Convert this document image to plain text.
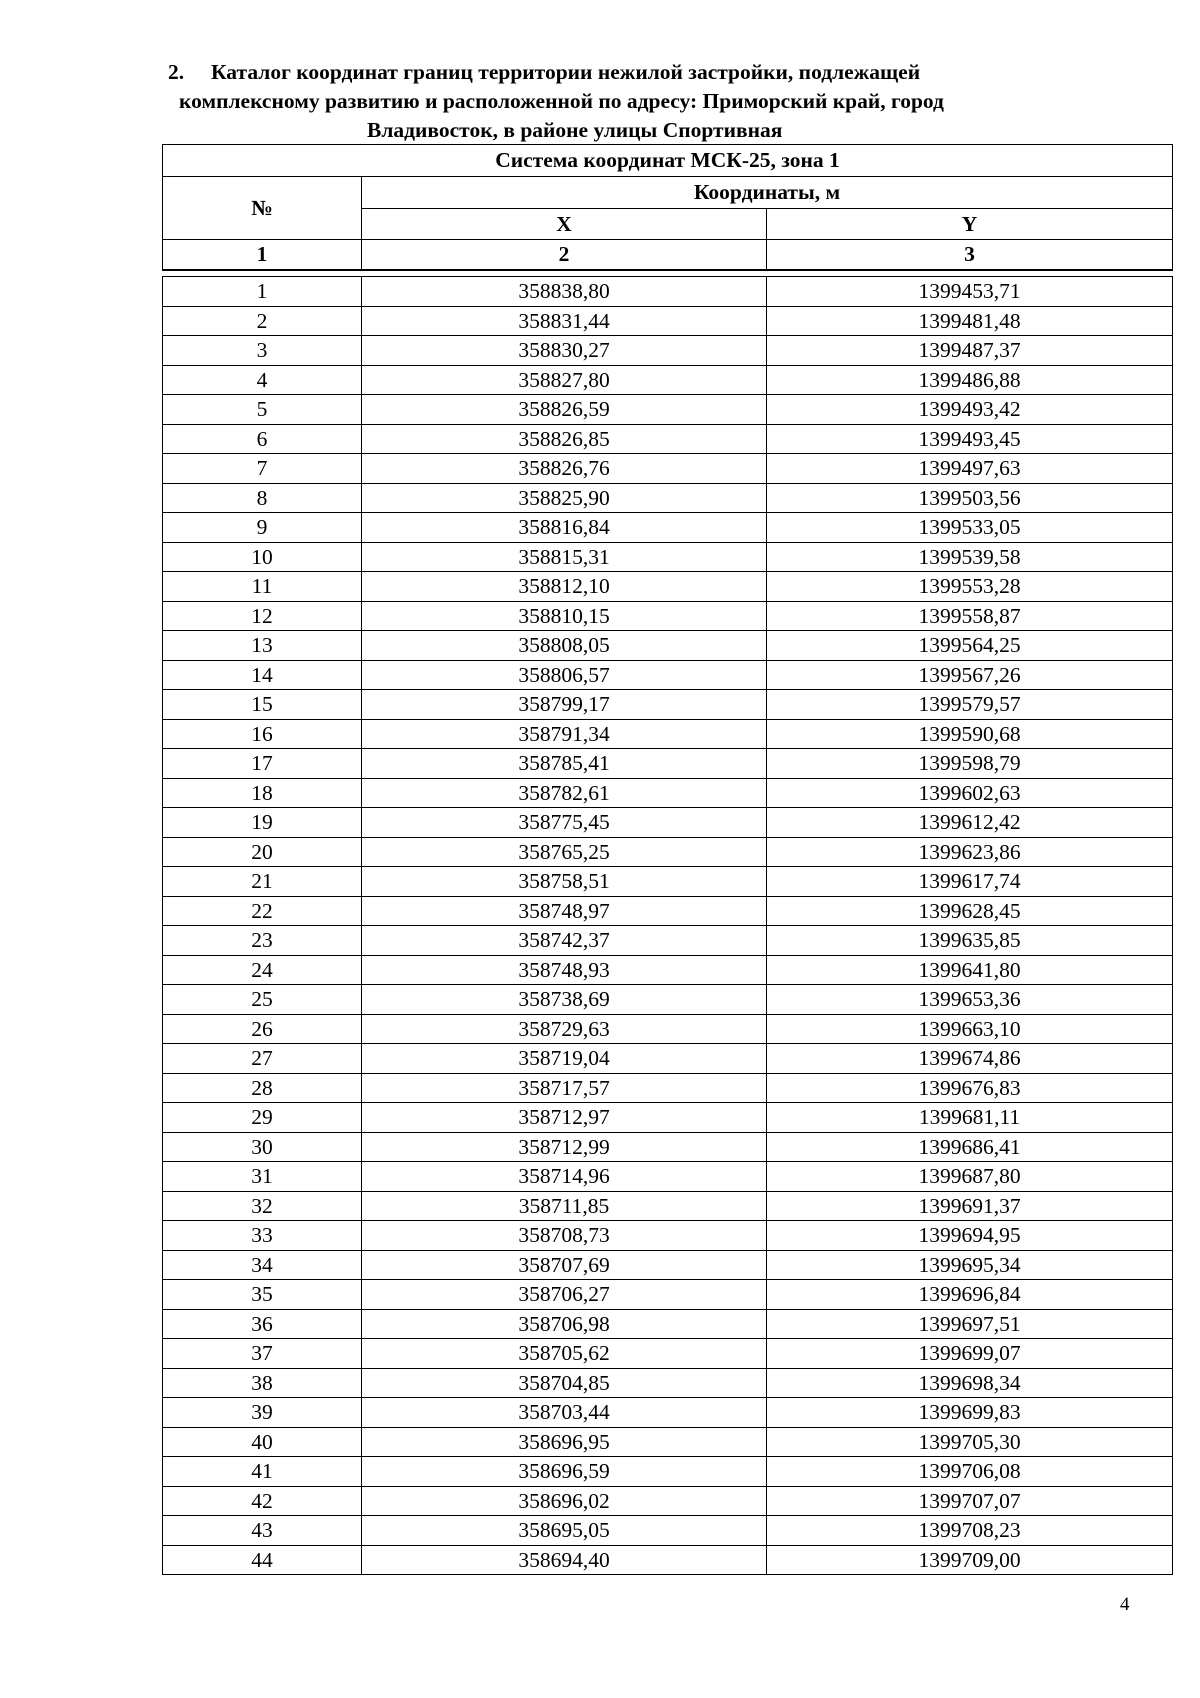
2. Каталог координат границ территории нежилой застройки, подлежащей
комплексному развитию и расположенной по адресу: Приморский край, город
Владивосток, в районе улицы Спортивная
Система координат МСК-25, зона 1		
№	Координаты, м	
	X	Y
1	2	3
1	358838,80	1399453,71
2	358831,44	1399481,48
3	358830,27	1399487,37
4	358827,80	1399486,88
5	358826,59	1399493,42
6	358826,85	1399493,45
7	358826,76	1399497,63
8	358825,90	1399503,56
9	358816,84	1399533,05
10	358815,31	1399539,58
11	358812,10	1399553,28
12	358810,15	1399558,87
13	358808,05	1399564,25
14	358806,57	1399567,26
15	358799,17	1399579,57
16	358791,34	1399590,68
17	358785,41	1399598,79
18	358782,61	1399602,63
19	358775,45	1399612,42
20	358765,25	1399623,86
21	358758,51	1399617,74
22	358748,97	1399628,45
23	358742,37	1399635,85
24	358748,93	1399641,80
25	358738,69	1399653,36
26	358729,63	1399663,10
27	358719,04	1399674,86
28	358717,57	1399676,83
29	358712,97	1399681,11
30	358712,99	1399686,41
31	358714,96	1399687,80
32	358711,85	1399691,37
33	358708,73	1399694,95
34	358707,69	1399695,34
35	358706,27	1399696,84
36	358706,98	1399697,51
37	358705,62	1399699,07
38	358704,85	1399698,34
39	358703,44	1399699,83
40	358696,95	1399705,30
41	358696,59	1399706,08
42	358696,02	1399707,07
43	358695,05	1399708,23
44	358694,40	1399709,00
4
